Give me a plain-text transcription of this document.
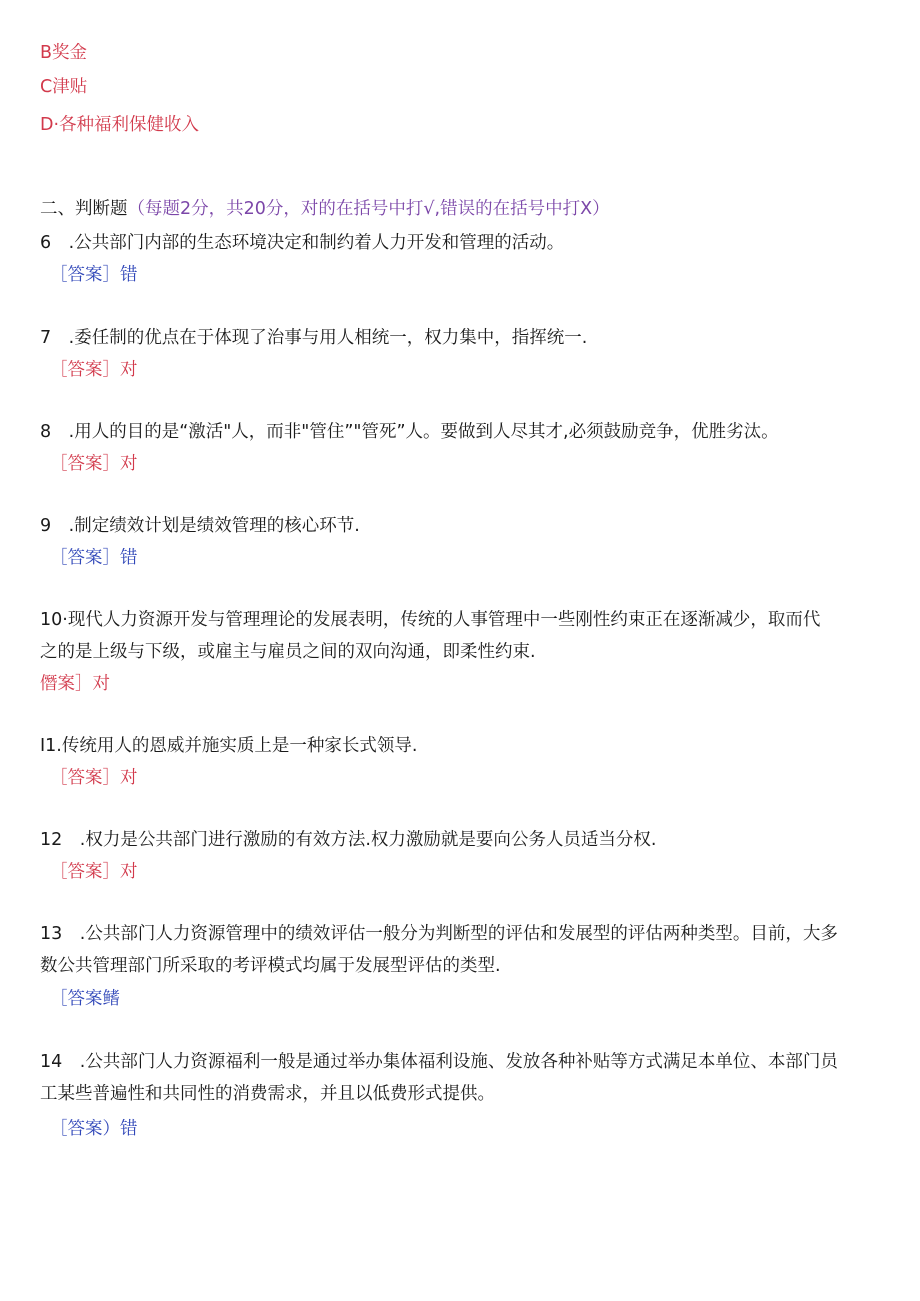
B奖金
C津贴
D·各种福利保健收入
二、判断题（每题2分，共20分，对的在括号中打√,错误的在括号中打X）
6　.公共部门内部的生态环境决定和制约着人力开发和管理的活动。
［答案］错
7　.委任制的优点在于体现了治事与用人相统一，权力集中，指挥统一.
［答案］对
8　.用人的目的是“激活"人，而非"管住”"管死”人。要做到人尽其才,必须鼓励竞争，优胜劣汰。
［答案］对
9　.制定绩效计划是绩效管理的核心环节.
［答案］错
10·现代人力资源开发与管理理论的发展表明，传统的人事管理中一些刚性约束正在逐渐减少，取而代
之的是上级与下级，或雇主与雇员之间的双向沟通，即柔性约束.
僭案］对
I1.传统用人的恩威并施实质上是一种家长式领导.
［答案］对
12　.权力是公共部门进行激励的有效方法.权力激励就是要向公务人员适当分权.
［答案］对
13　.公共部门人力资源管理中的绩效评估一般分为判断型的评估和发展型的评估两种类型。目前，大多
数公共管理部门所采取的考评模式均属于发展型评估的类型.
［答案鳍
14　.公共部门人力资源福利一般是通过举办集体福利设施、发放各种补贴等方式满足本单位、本部门员
工某些普遍性和共同性的消费需求，并且以低费形式提供。
［答案）错
